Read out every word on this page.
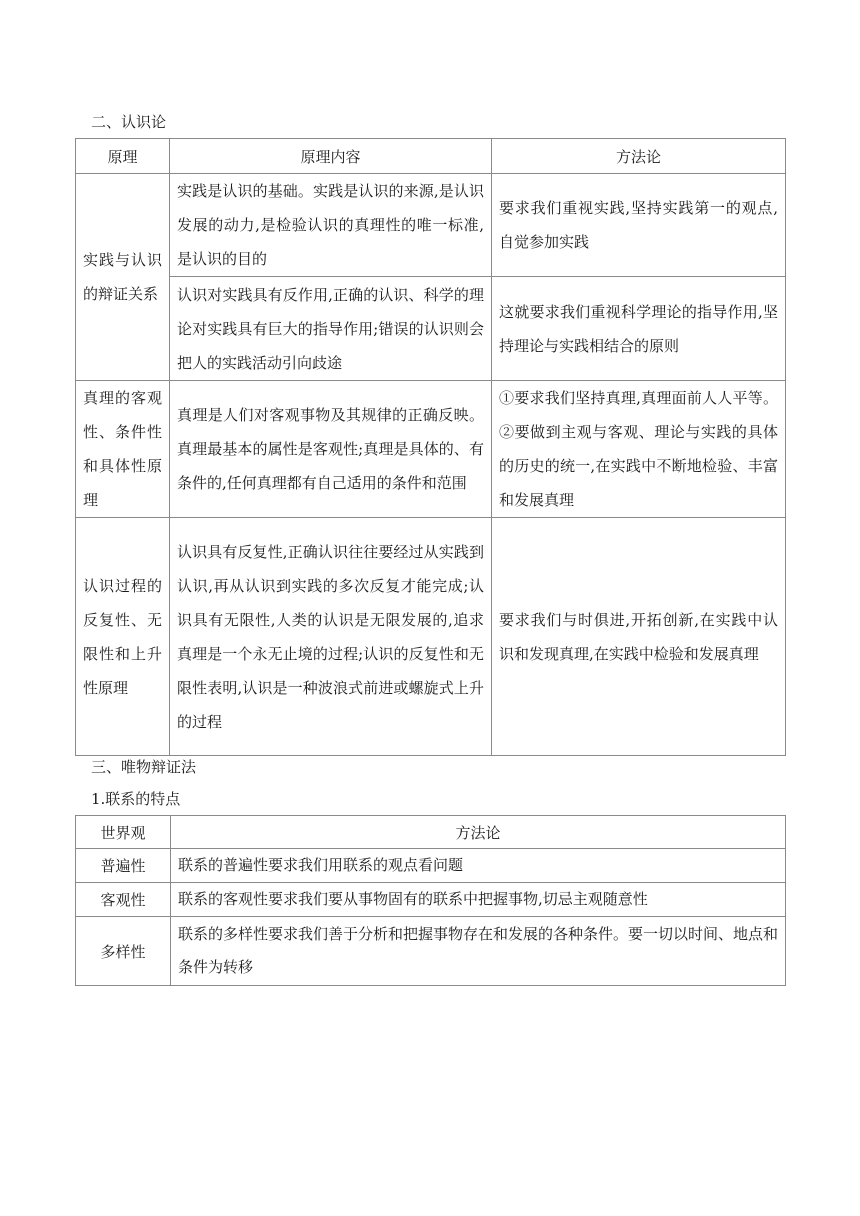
二、认识论
原理	原理内容	方法论

实践与认识的辩证关系	实践是认识的基础。实践是认识的来源,是认识发展的动力,是检验认识的真理性的唯一标准,是认识的目的	要求我们重视实践,坚持实践第一的观点,自觉参加实践

	认识对实践具有反作用,正确的认识、科学的理论对实践具有巨大的指导作用;错误的认识则会把人的实践活动引向歧途	这就要求我们重视科学理论的指导作用,坚持理论与实践相结合的原则

真理的客观性、条件性和具体性原理	真理是人们对客观事物及其规律的正确反映。真理最基本的属性是客观性;真理是具体的、有条件的,任何真理都有自己适用的条件和范围	①要求我们坚持真理,真理面前人人平等。②要做到主观与客观、理论与实践的具体的历史的统一,在实践中不断地检验、丰富和发展真理

认识过程的反复性、无限性和上升性原理	认识具有反复性,正确认识往往要经过从实践到认识,再从认识到实践的多次反复才能完成;认识具有无限性,人类的认识是无限发展的,追求真理是一个永无止境的过程;认识的反复性和无限性表明,认识是一种波浪式前进或螺旋式上升的过程	要求我们与时俱进,开拓创新,在实践中认识和发现真理,在实践中检验和发展真理
三、唯物辩证法
1.联系的特点
世界观	方法论
普遍性	联系的普遍性要求我们用联系的观点看问题

客观性	联系的客观性要求我们要从事物固有的联系中把握事物,切忌主观随意性

多样性	联系的多样性要求我们善于分析和把握事物存在和发展的各种条件。要一切以时间、地点和条件为转移
